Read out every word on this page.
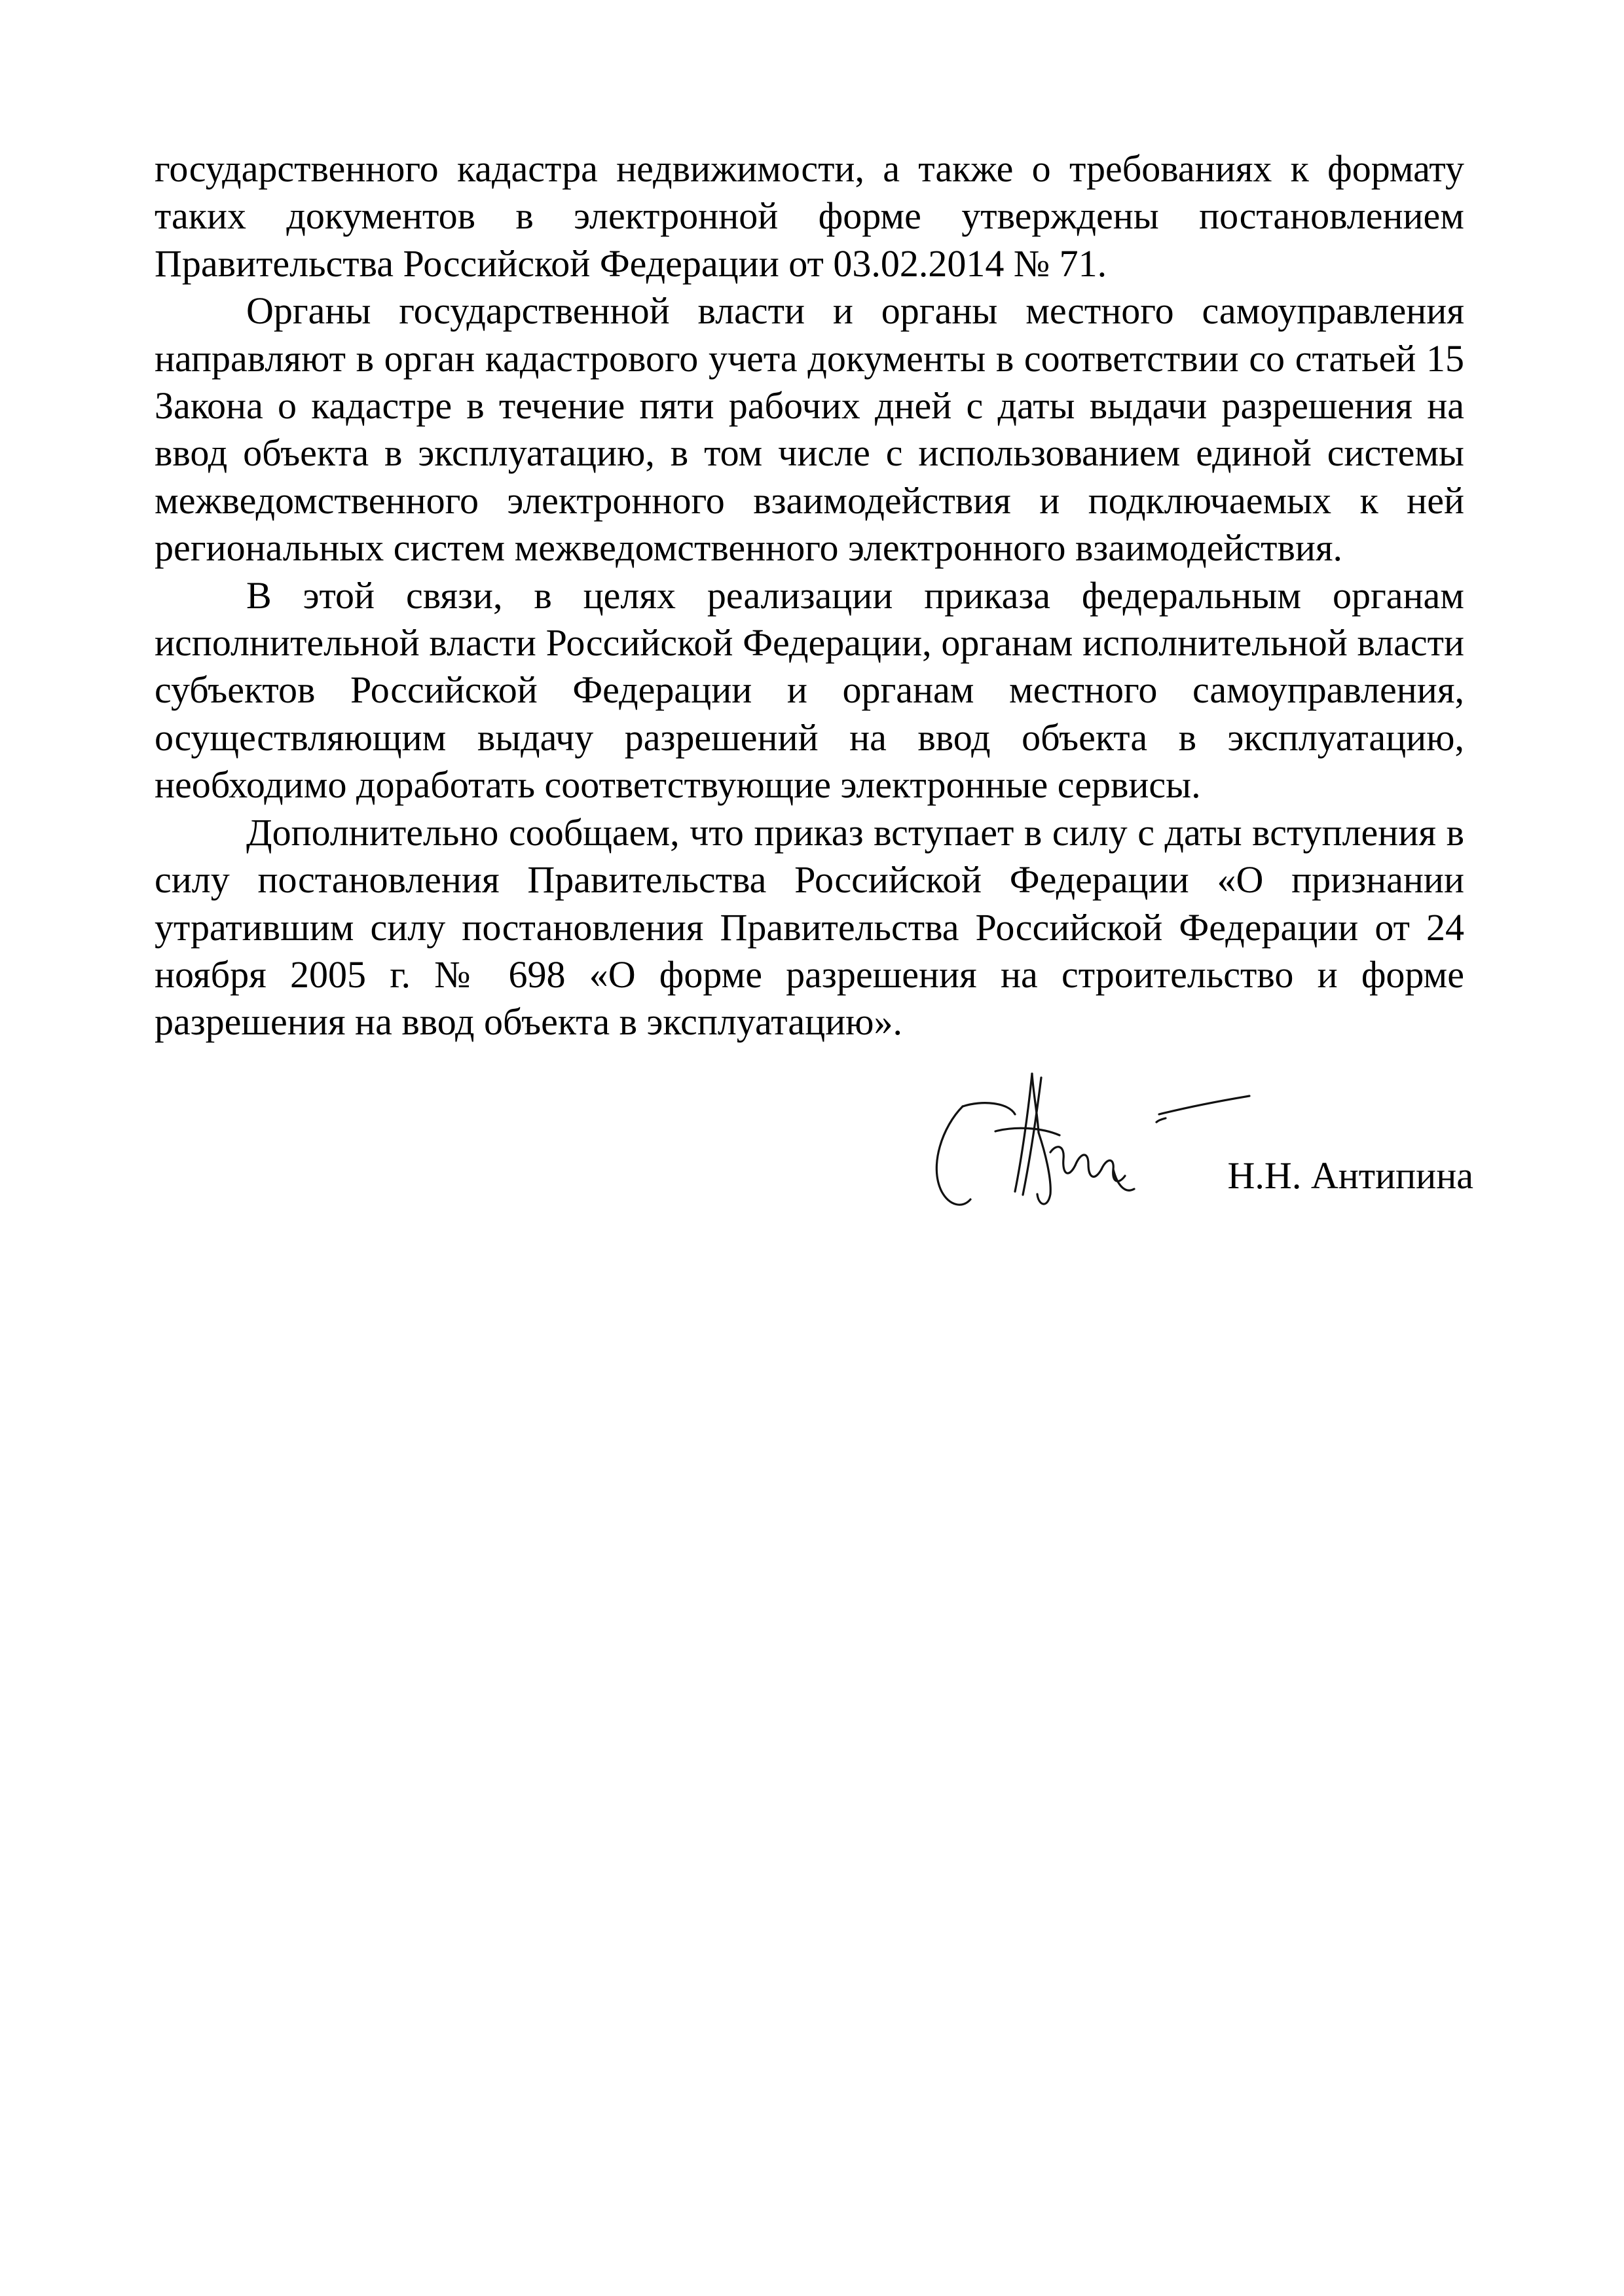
государственного кадастра недвижимости, а также о требованиях к формату таких документов в электронной форме утверждены постановлением Правительства Российской Федерации от 03.02.2014 № 71.

Органы государственной власти и органы местного самоуправления направляют в орган кадастрового учета документы в соответствии со статьей 15 Закона о кадастре в течение пяти рабочих дней с даты выдачи разрешения на ввод объекта в эксплуатацию, в том числе с использованием единой системы межведомственного электронного взаимодействия и подключаемых к ней региональных систем межведомственного электронного взаимодействия.

В этой связи, в целях реализации приказа федеральным органам исполнительной власти Российской Федерации, органам исполнительной власти субъектов Российской Федерации и органам местного самоуправления, осуществляющим выдачу разрешений на ввод объекта в эксплуатацию, необходимо доработать соответствующие электронные сервисы.

Дополнительно сообщаем, что приказ вступает в силу с даты вступления в силу постановления Правительства Российской Федерации «О признании утратившим силу постановления Правительства Российской Федерации от 24 ноября 2005 г. № 698 «О форме разрешения на строительство и форме разрешения на ввод объекта в эксплуатацию».

Н.Н. Антипина
